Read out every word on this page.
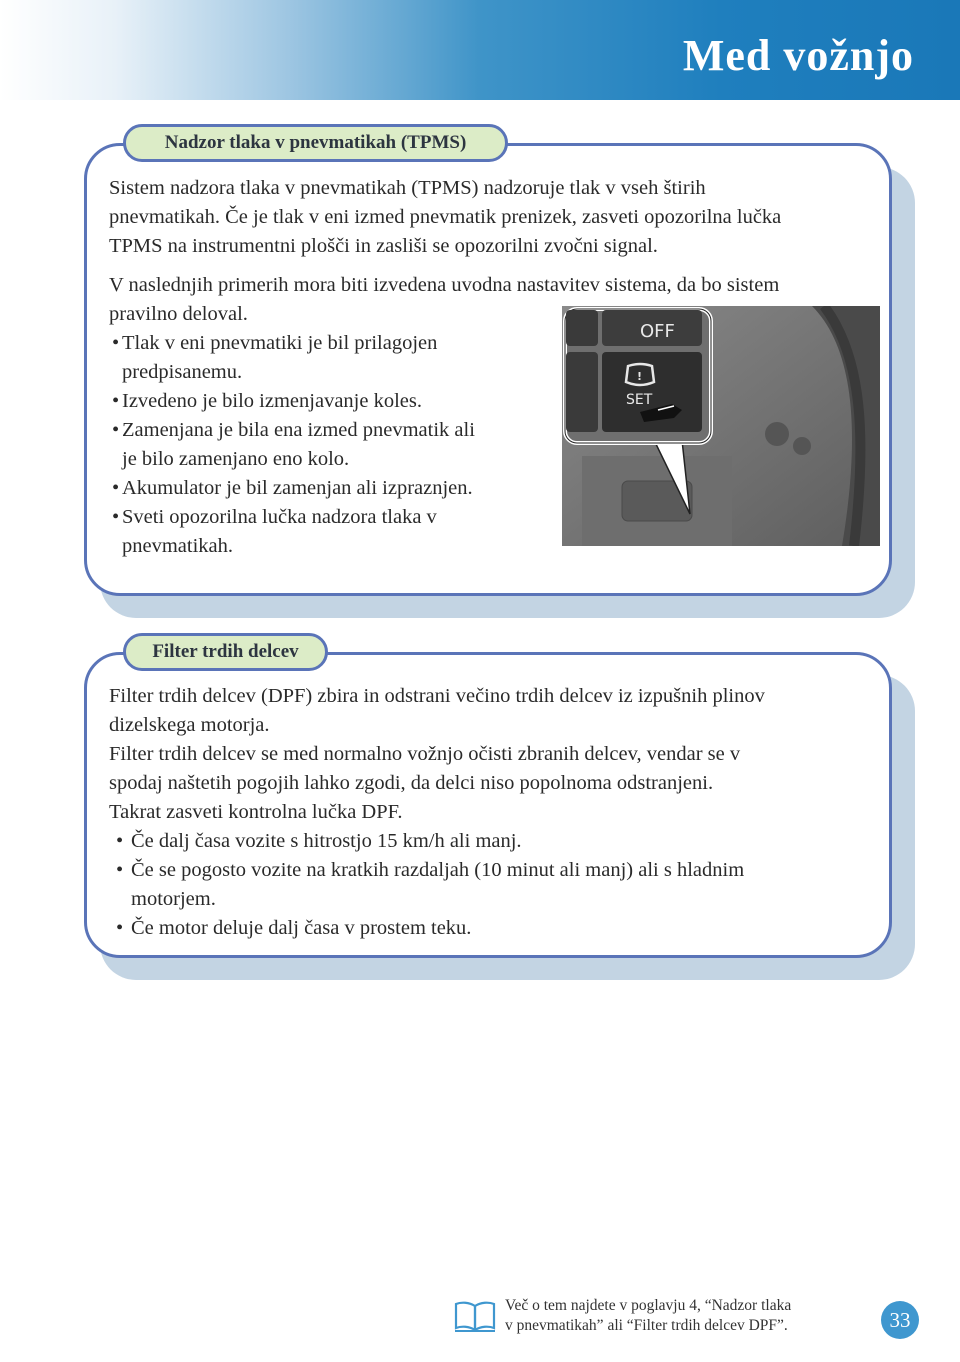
Med vožnjo
Nadzor tlaka v pnevmatikah (TPMS)

Sistem nadzora tlaka v pnevmatikah (TPMS) nadzoruje tlak v vseh štirih

pnevmatikah. Če je tlak v eni izmed pnevmatik prenizek, zasveti opozorilna lučka

TPMS na instrumentni plošči in zasliši se opozorilni zvočni signal.

V naslednjih primerih mora biti izvedena uvodna nastavitev sistema, da bo sistem

pravilno deloval.

• Tlak v eni pnevmatiki je bil prilagojen

predpisanemu.

• Izvedeno je bilo izmenjavanje koles.

• Zamenjana je bila ena izmed pnevmatik ali

je bilo zamenjano eno kolo.

• Akumulator je bil zamenjan ali izpraznjen.

• Sveti opozorilna lučka nadzora tlaka v

pnevmatikah.

OFF
!
SET
Filter trdih delcev

Filter trdih delcev (DPF) zbira in odstrani večino trdih delcev iz izpušnih plinov

dizelskega motorja.

Filter trdih delcev se med normalno vožnjo očisti zbranih delcev, vendar se v

spodaj naštetih pogojih lahko zgodi, da delci niso popolnoma odstranjeni.

Takrat zasveti kontrolna lučka DPF.

• Če dalj časa vozite s hitrostjo 15 km/h ali manj.

• Če se pogosto vozite na kratkih razdaljah (10 minut ali manj) ali s hladnim

motorjem.

• Če motor deluje dalj časa v prostem teku.

Več o tem najdete v poglavju 4, “Nadzor tlaka
v pnevmatikah” ali “Filter trdih delcev DPF”.	33
